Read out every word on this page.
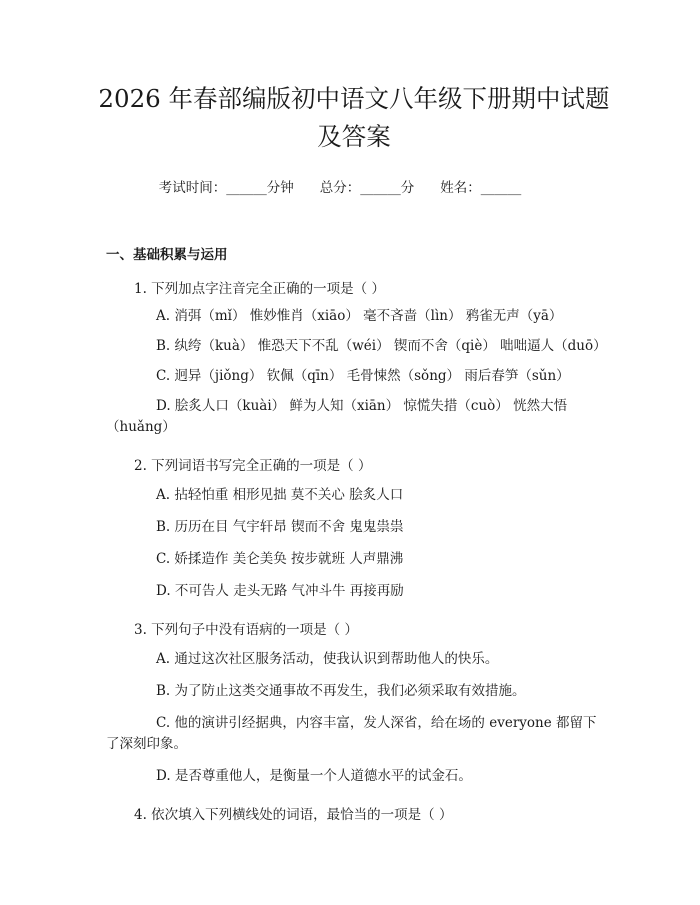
2026 年春部编版初中语文八年级下册期中试题及答案
考试时间：______分钟 总分：______分 姓名：______
一、基础积累与运用
1. 下列加点字注音完全正确的一项是（ ）
A. 消弭（mǐ） 惟妙惟肖（xiāo） 毫不吝啬（lìn） 鸦雀无声（yā）
B. 纨绔（kuà） 惟恐天下不乱（wéi） 锲而不舍（qiè） 咄咄逼人（duō）
C. 迥异（jiǒng） 钦佩（qīn） 毛骨悚然（sǒng） 雨后春笋（sǔn）
D. 脍炙人口（kuài） 鲜为人知（xiān） 惊慌失措（cuò） 恍然大悟（huǎng）
2. 下列词语书写完全正确的一项是（ ）
A. 拈轻怕重 相形见拙 莫不关心 脍炙人口
B. 历历在目 气宇轩昂 锲而不舍 鬼鬼祟祟
C. 娇揉造作 美仑美奂 按步就班 人声鼎沸
D. 不可告人 走头无路 气冲斗牛 再接再励
3. 下列句子中没有语病的一项是（ ）
A. 通过这次社区服务活动，使我认识到帮助他人的快乐。
B. 为了防止这类交通事故不再发生，我们必须采取有效措施。
C. 他的演讲引经据典，内容丰富，发人深省，给在场的 everyone 都留下了深刻印象。
D. 是否尊重他人，是衡量一个人道德水平的试金石。
4. 依次填入下列横线处的词语，最恰当的一项是（ ）
